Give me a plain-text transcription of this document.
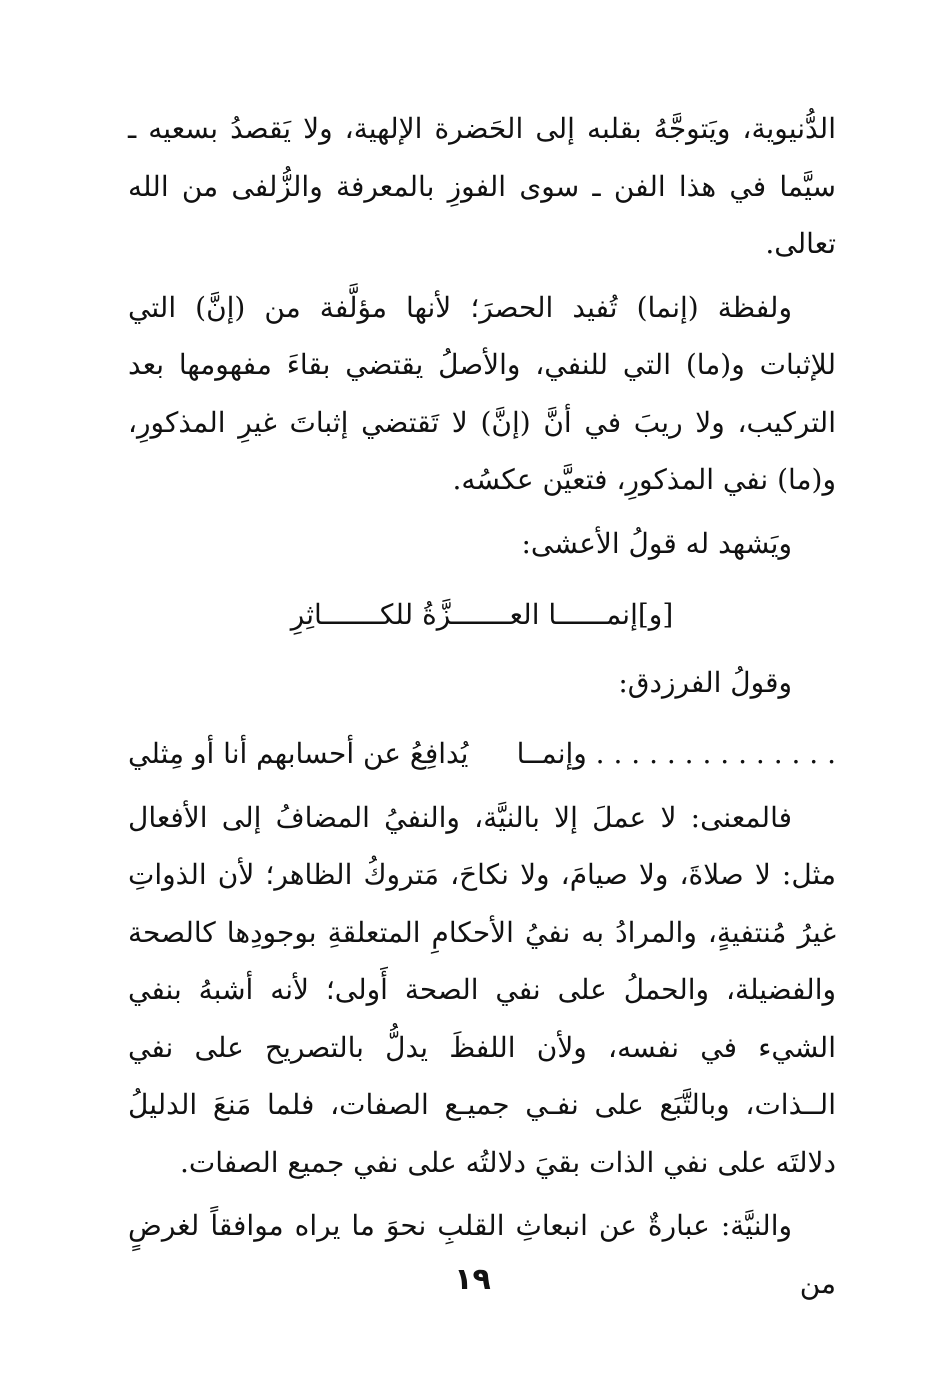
الدُّنيوية، ويَتوجَّهُ بقلبه إلى الحَضرة الإلهية، ولا يَقصدُ بسعيه ـ سيَّما في هذا الفن ـ سوى الفوزِ بالمعرفة والزُّلفى من الله تعالى.

ولفظة (إنما) تُفيد الحصرَ؛ لأنها مؤلَّفة من (إنَّ) التي للإثبات و(ما) التي للنفي، والأصلُ يقتضي بقاءَ مفهومها بعد التركيب، ولا ريبَ في أنَّ (إنَّ) لا تَقتضي إثباتَ غيرِ المذكورِ، و(ما) نفي المذكورِ، فتعيَّن عكسُه.

ويَشهد له قولُ الأعشى:

[و]إنمــــــا العـــــــزَّةُ للكـــــــاثِرِ

وقولُ الفرزدق:

. . . . . . . . . . . . . . وإنمــا
يُدافِعُ عن أحسابهم أنا أو مِثلي

فالمعنى: لا عملَ إلا بالنيَّة، والنفيُ المضافُ إلى الأفعال مثل: لا صلاةَ، ولا صيامَ، ولا نكاحَ، مَتروكُ الظاهر؛ لأن الذواتِ غيرُ مُنتفيةٍ، والمرادُ به نفيُ الأحكامِ المتعلقةِ بوجودِها كالصحة والفضيلة، والحملُ على نفي الصحة أَولى؛ لأنه أشبهُ بنفي الشيء في نفسه، ولأن اللفظَ يدلُّ بالتصريح على نفي الــذات، وبالتَّبَع على نفـي جميـع الصفات، فلما مَنعَ الدليلُ دلالتَه على نفي الذات بقيَ دلالتُه على نفي جميع الصفات.

والنيَّة: عبارةٌ عن انبعاثِ القلبِ نحوَ ما يراه موافقاً لغرضٍ من

١٩
